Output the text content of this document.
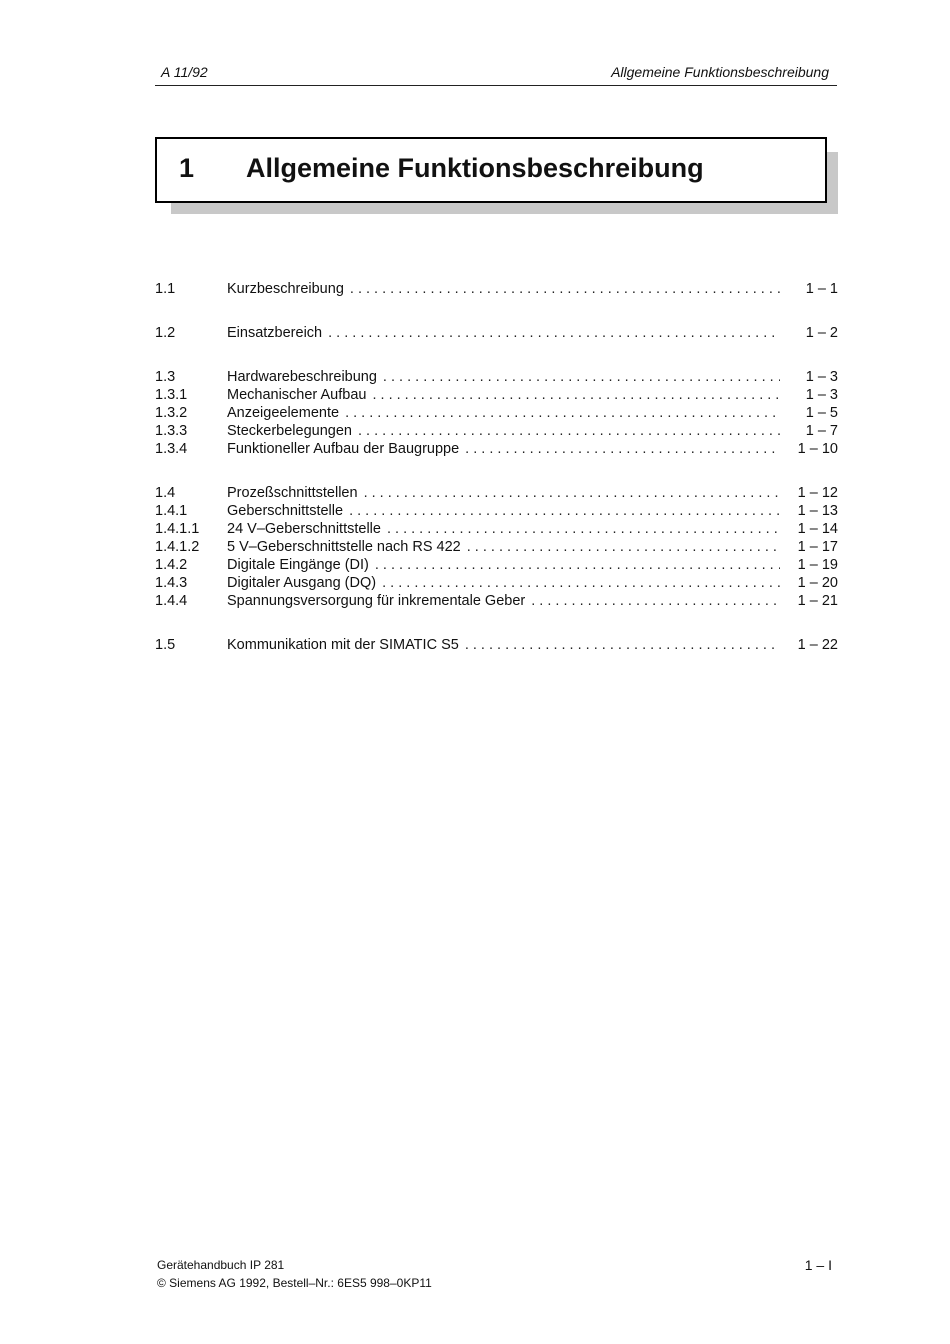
A 11/92	Allgemeine Funktionsbeschreibung
1 Allgemeine Funktionsbeschreibung
1.1	Kurzbeschreibung . . .	1 – 1
1.2	Einsatzbereich . . .	1 – 2
1.3	Hardwarebeschreibung . . .	1 – 3
1.3.1	Mechanischer Aufbau . . .	1 – 3
1.3.2	Anzeigeelemente . . .	1 – 5
1.3.3	Steckerbelegungen . . .	1 – 7
1.3.4	Funktioneller Aufbau der Baugruppe . . .	1 – 10
1.4	Prozeßschnittstellen . . .	1 – 12
1.4.1	Geberschnittstelle . . .	1 – 13
1.4.1.1 24 V–Geberschnittstelle . . .	1 – 14
1.4.1.2 5 V–Geberschnittstelle nach RS 422 . . .	1 – 17
1.4.2	Digitale Eingänge (DI) . . .	1 – 19
1.4.3	Digitaler Ausgang (DQ) . . .	1 – 20
1.4.4	Spannungsversorgung für inkrementale Geber . . .	1 – 21
1.5	Kommunikation mit der SIMATIC S5 . . .	1 – 22
Gerätehandbuch IP 281
© Siemens AG 1992, Bestell–Nr.: 6ES5 998–0KP11
1 – I
